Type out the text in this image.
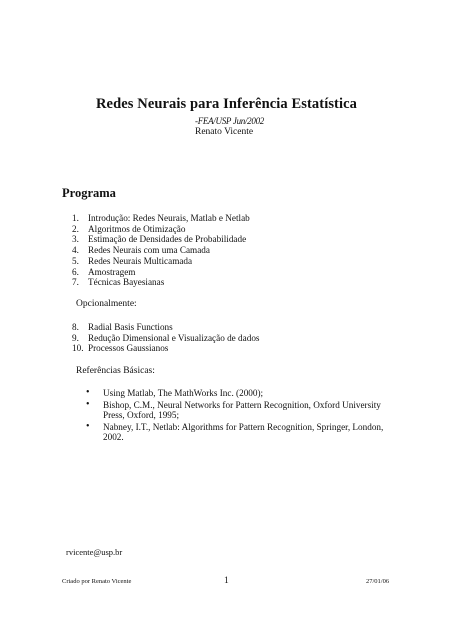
Redes Neurais para Inferência Estatística
-FEA/USP Jun/2002
Renato Vicente
Programa
1. Introdução: Redes Neurais, Matlab e Netlab
2. Algoritmos de Otimização
3. Estimação de Densidades de Probabilidade
4. Redes Neurais com uma Camada
5. Redes Neurais Multicamada
6. Amostragem
7. Técnicas Bayesianas
Opcionalmente:
8. Radial Basis Functions
9. Redução Dimensional e Visualização de dados
10. Processos Gaussianos
Referências Básicas:
• Using Matlab, The MathWorks Inc. (2000);
• Bishop, C.M., Neural Networks for Pattern Recognition, Oxford University Press, Oxford, 1995;
• Nabney, I.T., Netlab: Algorithms for Pattern Recognition, Springer, London, 2002.
rvicente@usp.br
Criado por Renato Vicente	1	27/01/06
